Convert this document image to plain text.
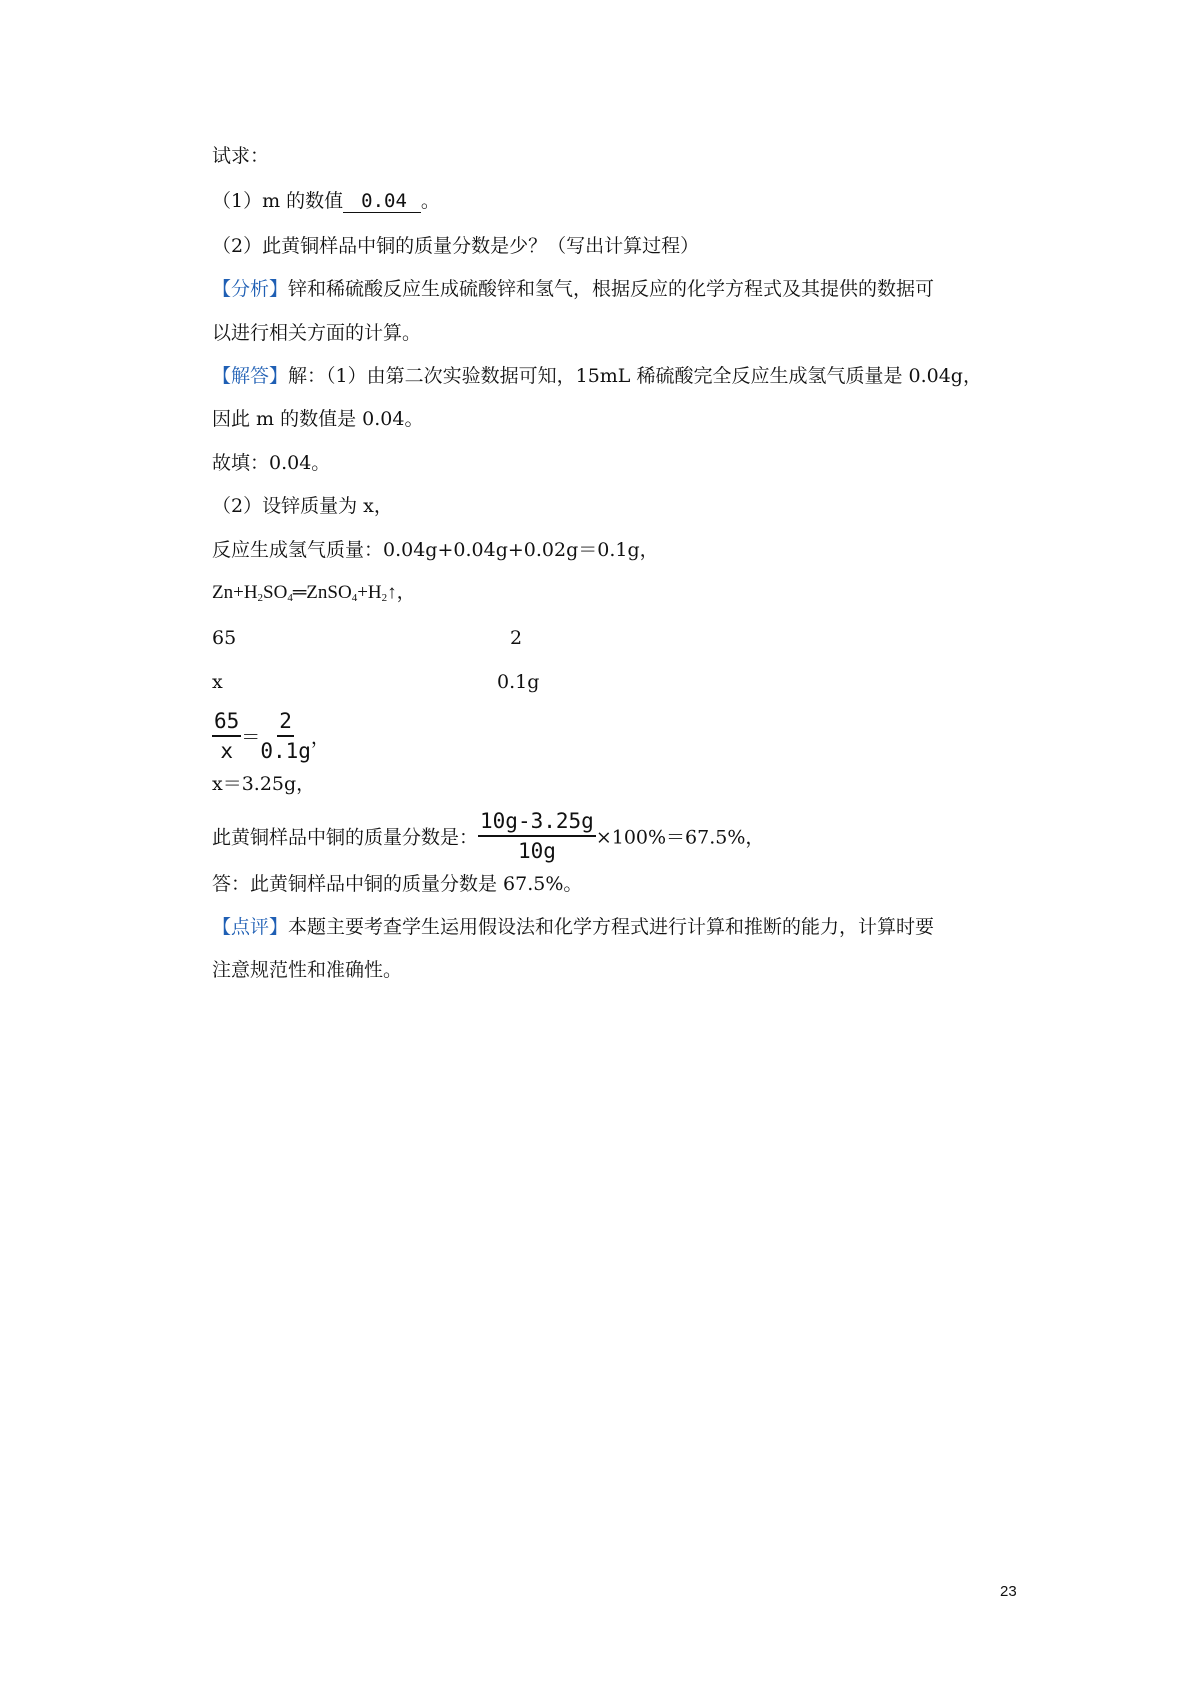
试求：
（1）m 的数值 0.04 。
（2）此黄铜样品中铜的质量分数是少？（写出计算过程）
【分析】锌和稀硫酸反应生成硫酸锌和氢气，根据反应的化学方程式及其提供的数据可
以进行相关方面的计算。
【解答】解：（1）由第二次实验数据可知，15mL 稀硫酸完全反应生成氢气质量是 0.04g，
因此 m 的数值是 0.04。
故填：0.04。
（2）设锌质量为 x，
反应生成氢气质量：0.04g+0.04g+0.02g＝0.1g，
$Zn+H_2SO_4═ZnSO_4+H_2↑$，
65	2
x	0.1g
$\frac{65}{x} = \frac{2}{0.1g}$ ，
x＝3.25g，
此黄铜样品中铜的质量分数是： $\frac{10g-3.25g}{10g} \times 100\%=67.5\%$，
答：此黄铜样品中铜的质量分数是 67.5%。
【点评】本题主要考查学生运用假设法和化学方程式进行计算和推断的能力，计算时要
注意规范性和准确性。
23
